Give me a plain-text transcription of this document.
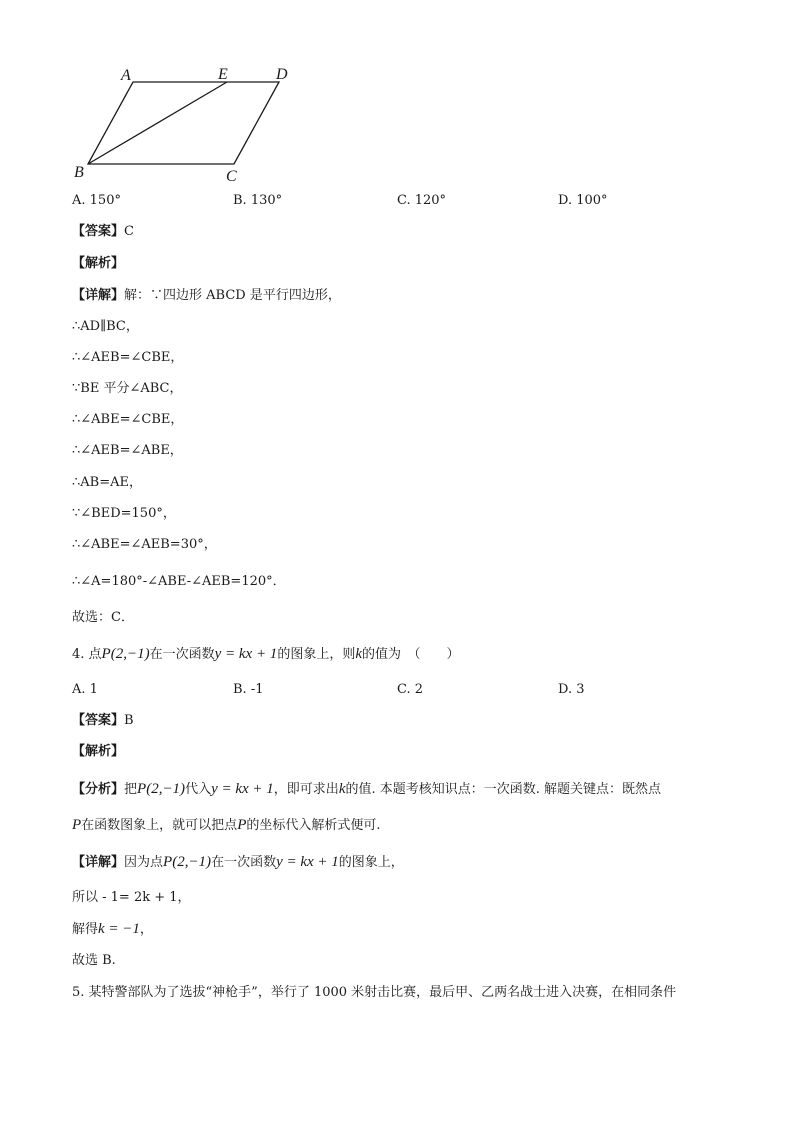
A	E	D
B	C
A. 150°	B. 130°	C. 120°	D. 100°
【答案】C
【解析】
【详解】解：∵四边形 ABCD 是平行四边形，
∴AD∥BC，
∴∠AEB=∠CBE，
∵BE 平分∠ABC，
∴∠ABE=∠CBE，
∴∠AEB=∠ABE，
∴AB=AE，
∵∠BED=150°，
∴∠ABE=∠AEB=30°，
∴∠A=180°-∠ABE-∠AEB=120°．
故选：C．
4. 点P(2,−1)在一次函数y = kx + 1的图象上，则k的值为　（　　）
A. 1	B. -1	C. 2	D. 3
【答案】B
【解析】
【分析】把P(2,−1)代入y = kx + 1，即可求出k的值. 本题考核知识点：一次函数. 解题关键点：既然点
P在函数图象上，就可以把点P的坐标代入解析式便可.
【详解】因为点P(2,−1)在一次函数y = kx + 1的图象上，
所以 - 1= 2k + 1，
解得k = −1，
故选 B.
5. 某特警部队为了选拔“神枪手”，举行了 1000 米射击比赛，最后甲、乙两名战士进入决赛，在相同条件
